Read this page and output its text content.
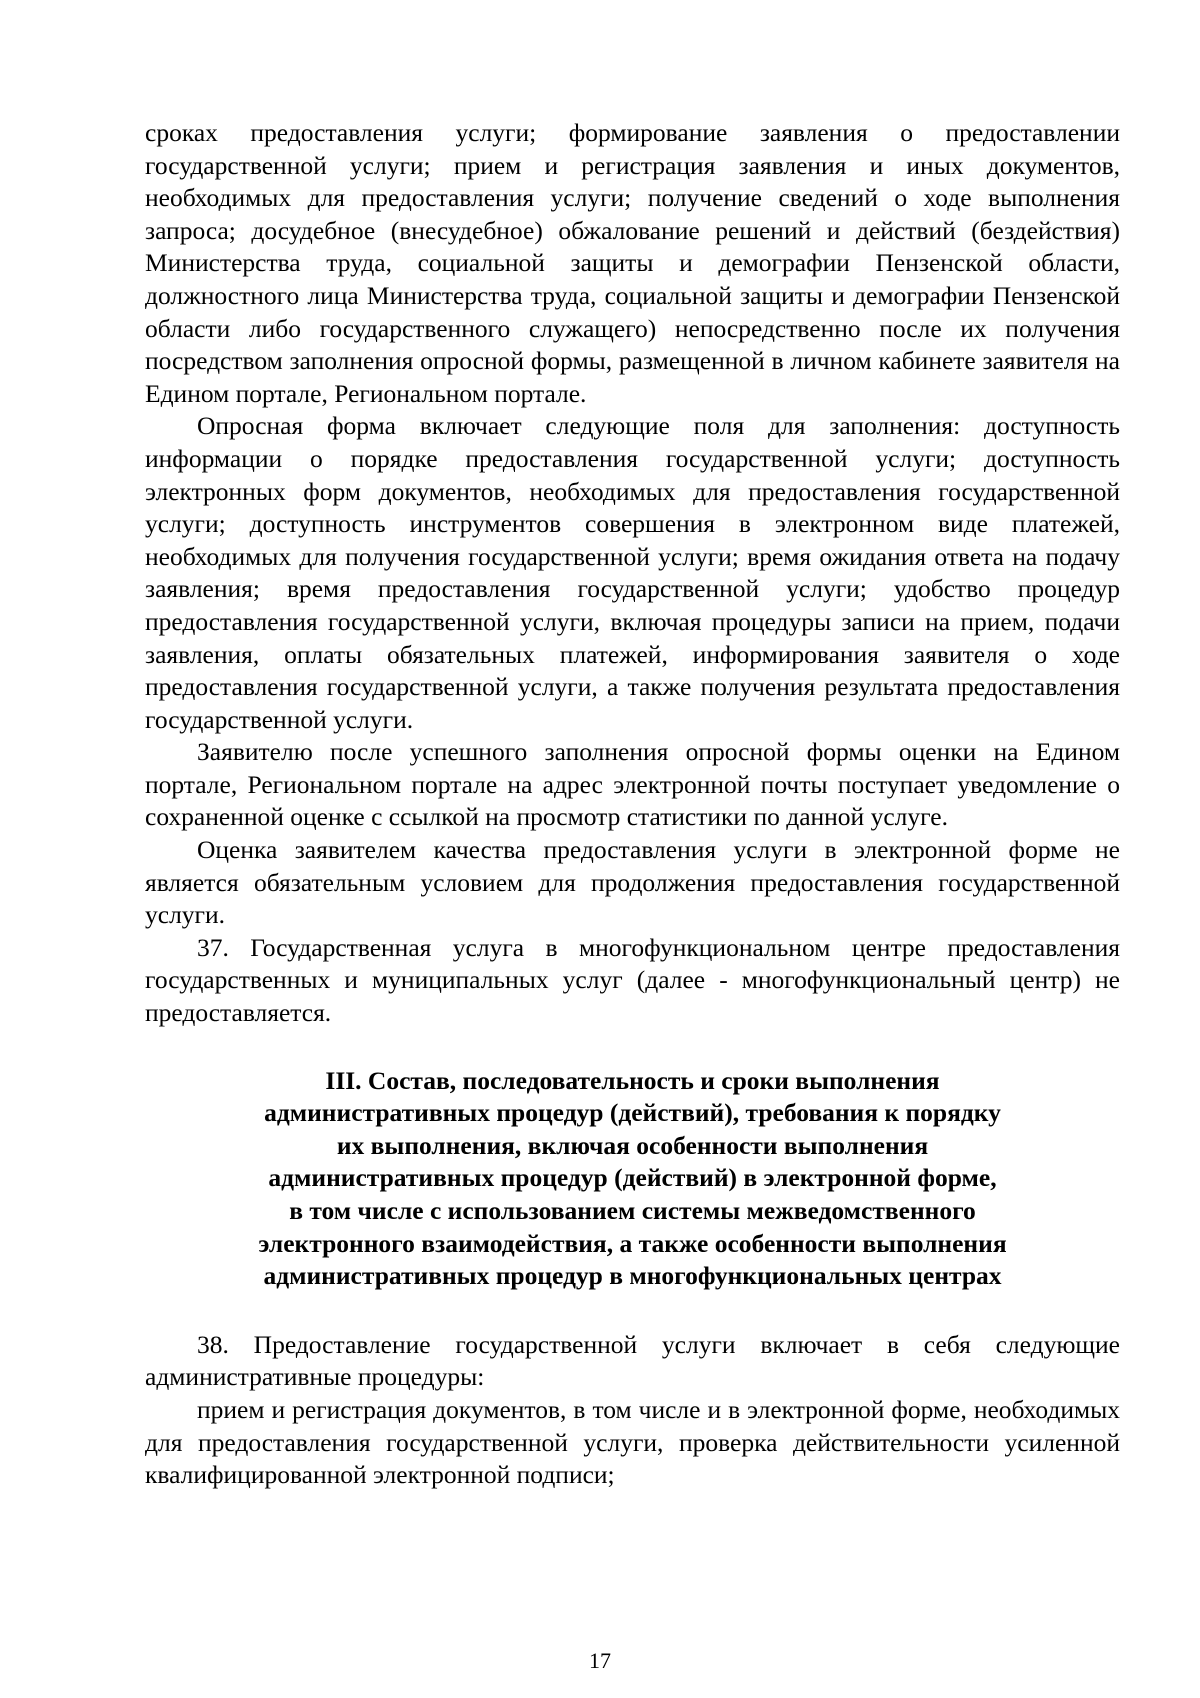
сроках предоставления услуги; формирование заявления о предоставлении государственной услуги; прием и регистрация заявления и иных документов, необходимых для предоставления услуги; получение сведений о ходе выполнения запроса; досудебное (внесудебное) обжалование решений и действий (бездействия) Министерства труда, социальной защиты и демографии Пензенской области, должностного лица Министерства труда, социальной защиты и демографии Пензенской области либо государственного служащего) непосредственно после их получения посредством заполнения опросной формы, размещенной в личном кабинете заявителя на Едином портале, Региональном портале.

Опросная форма включает следующие поля для заполнения: доступность информации о порядке предоставления государственной услуги; доступность электронных форм документов, необходимых для предоставления государственной услуги; доступность инструментов совершения в электронном виде платежей, необходимых для получения государственной услуги; время ожидания ответа на подачу заявления; время предоставления государственной услуги; удобство процедур предоставления государственной услуги, включая процедуры записи на прием, подачи заявления, оплаты обязательных платежей, информирования заявителя о ходе предоставления государственной услуги, а также получения результата предоставления государственной услуги.

Заявителю после успешного заполнения опросной формы оценки на Едином портале, Региональном портале на адрес электронной почты поступает уведомление о сохраненной оценке с ссылкой на просмотр статистики по данной услуге.

Оценка заявителем качества предоставления услуги в электронной форме не является обязательным условием для продолжения предоставления государственной услуги.

37. Государственная услуга в многофункциональном центре предоставления государственных и муниципальных услуг (далее - многофункциональный центр) не предоставляется.

III. Состав, последовательность и сроки выполнения
административных процедур (действий), требования к порядку
их выполнения, включая особенности выполнения
административных процедур (действий) в электронной форме,
в том числе с использованием системы межведомственного
электронного взаимодействия, а также особенности выполнения
административных процедур в многофункциональных центрах

38. Предоставление государственной услуги включает в себя следующие административные процедуры:

прием и регистрация документов, в том числе и в электронной форме, необходимых для предоставления государственной услуги, проверка действительности усиленной квалифицированной электронной подписи;

17
